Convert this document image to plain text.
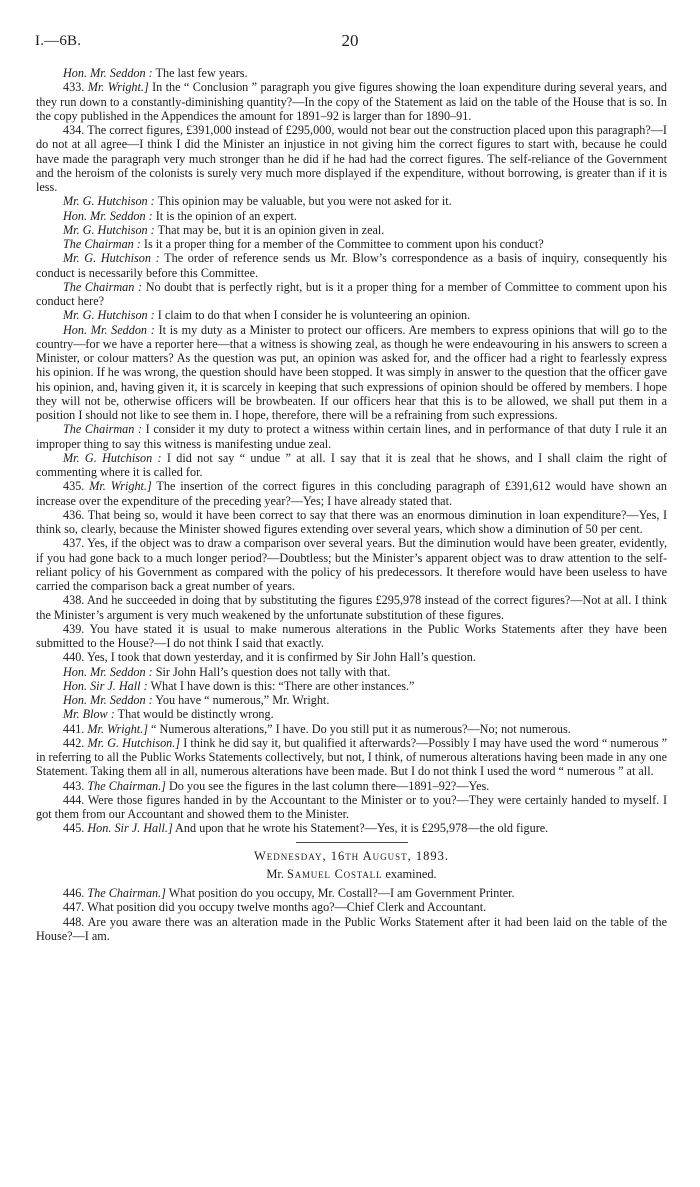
I.—6B.	20

Hon. Mr. Seddon : The last few years.

433. Mr. Wright.] In the “ Conclusion ” paragraph you give figures showing the loan expenditure during several years, and they run down to a constantly-diminishing quantity?—In the copy of the Statement as laid on the table of the House that is so. In the copy published in the Appendices the amount for 1891–92 is larger than for 1890–91.

434. The correct figures, £391,000 instead of £295,000, would not bear out the construction placed upon this paragraph?—I do not at all agree—I think I did the Minister an injustice in not giving him the correct figures to start with, because he could have made the paragraph very much stronger than he did if he had had the correct figures. The self-reliance of the Government and the heroism of the colonists is surely very much more displayed if the expenditure, without borrowing, is greater than if it is less.

Mr. G. Hutchison : This opinion may be valuable, but you were not asked for it.

Hon. Mr. Seddon : It is the opinion of an expert.

Mr. G. Hutchison : That may be, but it is an opinion given in zeal.

The Chairman : Is it a proper thing for a member of the Committee to comment upon his conduct?

Mr. G. Hutchison : The order of reference sends us Mr. Blow’s correspondence as a basis of inquiry, consequently his conduct is necessarily before this Committee.

The Chairman : No doubt that is perfectly right, but is it a proper thing for a member of Committee to comment upon his conduct here?

Mr. G. Hutchison : I claim to do that when I consider he is volunteering an opinion.

Hon. Mr. Seddon : It is my duty as a Minister to protect our officers. Are members to express opinions that will go to the country—for we have a reporter here—that a witness is showing zeal, as though he were endeavouring in his answers to screen a Minister, or colour matters? As the question was put, an opinion was asked for, and the officer had a right to fearlessly express his opinion. If he was wrong, the question should have been stopped. It was simply in answer to the question that the officer gave his opinion, and, having given it, it is scarcely in keeping that such expressions of opinion should be offered by members. I hope they will not be, otherwise officers will be browbeaten. If our officers hear that this is to be allowed, we shall put them in a position I should not like to see them in. I hope, therefore, there will be a refraining from such expressions.

The Chairman : I consider it my duty to protect a witness within certain lines, and in performance of that duty I rule it an improper thing to say this witness is manifesting undue zeal.

Mr. G. Hutchison : I did not say “ undue ” at all. I say that it is zeal that he shows, and I shall claim the right of commenting where it is called for.

435. Mr. Wright.] The insertion of the correct figures in this concluding paragraph of £391,612 would have shown an increase over the expenditure of the preceding year?—Yes; I have already stated that.

436. That being so, would it have been correct to say that there was an enormous diminution in loan expenditure?—Yes, I think so, clearly, because the Minister showed figures extending over several years, which show a diminution of 50 per cent.

437. Yes, if the object was to draw a comparison over several years. But the diminution would have been greater, evidently, if you had gone back to a much longer period?—Doubtless; but the Minister’s apparent object was to draw attention to the self-reliant policy of his Government as compared with the policy of his predecessors. It therefore would have been useless to have carried the comparison back a great number of years.

438. And he succeeded in doing that by substituting the figures £295,978 instead of the correct figures?—Not at all. I think the Minister’s argument is very much weakened by the unfortunate substitution of these figures.

439. You have stated it is usual to make numerous alterations in the Public Works Statements after they have been submitted to the House?—I do not think I said that exactly.

440. Yes, I took that down yesterday, and it is confirmed by Sir John Hall’s question.

Hon. Mr. Seddon : Sir John Hall’s question does not tally with that.

Hon. Sir J. Hall : What I have down is this: “There are other instances.”

Hon. Mr. Seddon : You have “ numerous,” Mr. Wright.

Mr. Blow : That would be distinctly wrong.

441. Mr. Wright.] “ Numerous alterations,” I have. Do you still put it as numerous?—No; not numerous.

442. Mr. G. Hutchison.] I think he did say it, but qualified it afterwards?—Possibly I may have used the word “ numerous ” in referring to all the Public Works Statements collectively, but not, I think, of numerous alterations having been made in any one Statement. Taking them all in all, numerous alterations have been made. But I do not think I used the word “ numerous ” at all.

443. The Chairman.] Do you see the figures in the last column there—1891–92?—Yes.

444. Were those figures handed in by the Accountant to the Minister or to you?—They were certainly handed to myself. I got them from our Accountant and showed them to the Minister.

445. Hon. Sir J. Hall.] And upon that he wrote his Statement?—Yes, it is £295,978—the old figure.

Wednesday, 16th August, 1893.

Mr. Samuel Costall examined.

446. The Chairman.] What position do you occupy, Mr. Costall?—I am Government Printer.

447. What position did you occupy twelve months ago?—Chief Clerk and Accountant.

448. Are you aware there was an alteration made in the Public Works Statement after it had been laid on the table of the House?—I am.
